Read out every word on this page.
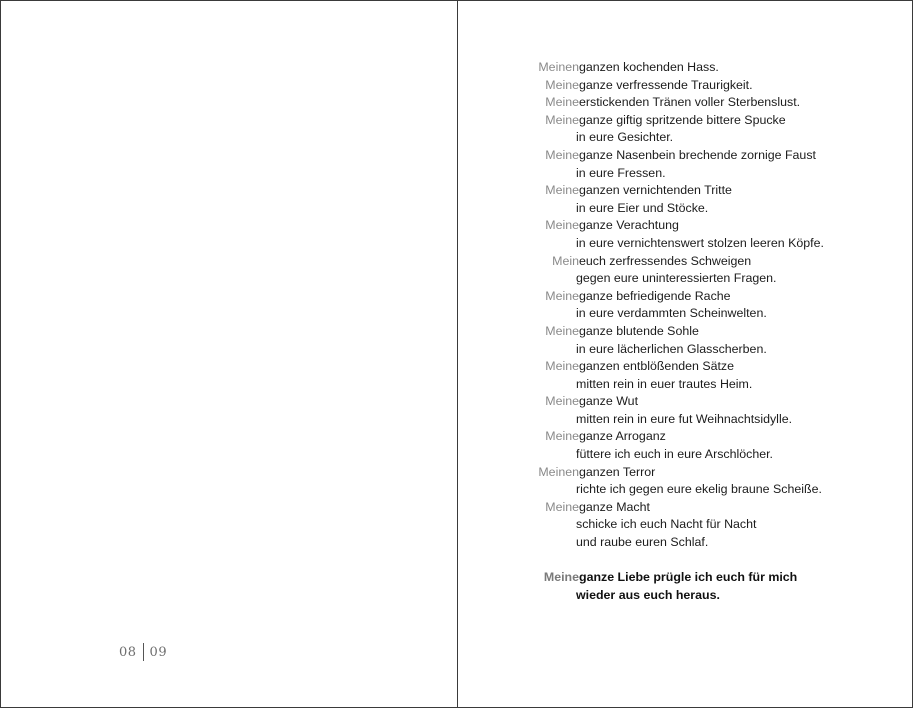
08 09
Meinen ganzen kochenden Hass.
Meine ganze verfressende Traurigkeit.
Meine erstickenden Tränen voller Sterbenslust.
Meine ganze giftig spritzende bittere Spucke
in eure Gesichter.
Meine ganze Nasenbein brechende zornige Faust
in eure Fressen.
Meine ganzen vernichtenden Tritte
in eure Eier und Stöcke.
Meine ganze Verachtung
in eure vernichtenswert stolzen leeren Köpfe.
Mein euch zerfressendes Schweigen
gegen eure uninteressierten Fragen.
Meine ganze befriedigende Rache
in eure verdammten Scheinwelten.
Meine ganze blutende Sohle
in eure lächerlichen Glasscherben.
Meine ganzen entblößenden Sätze
mitten rein in euer trautes Heim.
Meine ganze Wut
mitten rein in eure fut Weihnachtsidylle.
Meine ganze Arroganz
füttere ich euch in eure Arschlöcher.
Meinen ganzen Terror
richte ich gegen eure ekelig braune Scheiße.
Meine ganze Macht
schicke ich euch Nacht für Nacht
und raube euren Schlaf.
Meine ganze Liebe prügle ich euch für mich
wieder aus euch heraus.
